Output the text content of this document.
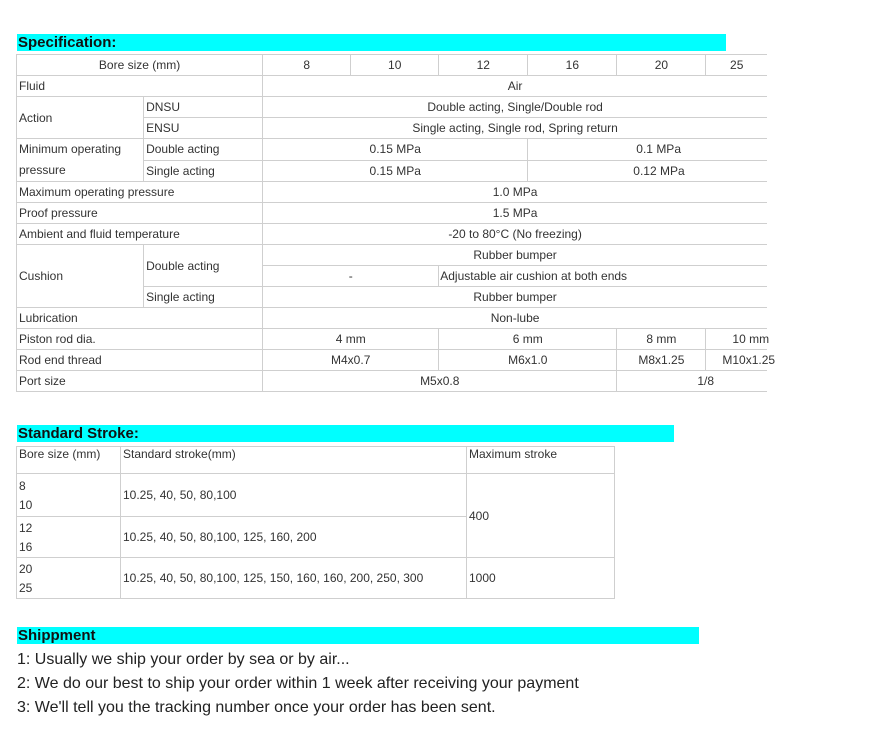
Specification:
Bore size (mm)		8	10	12	16	20	25
Fluid		Air					
Action	DNSU	Double acting, Single/Double rod					
	ENSU	Single acting, Single rod, Spring return					
Minimum operating
pressure	Double acting	0.15 MPa			0.1 MPa		
	Single acting	0.15 MPa			0.12 MPa		
Maximum operating pressure		1.0 MPa					
Proof pressure		1.5 MPa					
Ambient and fluid temperature		-20 to 80°C (No freezing)					
Cushion	Double acting	Rubber bumper					
		-		Adjustable air cushion at both ends			
	Single acting	Rubber bumper					
Lubrication		Non-lube					
Piston rod dia.		4 mm		6 mm		8 mm	10 mm
Rod end thread		M4x0.7		M6x1.0		M8x1.25	M10x1.25
Port size		M5x0.8				1/8	
Standard Stroke:
Bore size (mm)	Standard stroke(mm)	Maximum stroke

8
10	10.25, 40, 50, 80,100	400

12
16	10.25, 40, 50, 80,100, 125, 160, 200	

20
25	10.25, 40, 50, 80,100, 125, 150, 160, 160, 200, 250, 300	1000
Shippment
1: Usually we ship your order by sea or by air...
2: We do our best to ship your order within 1 week after receiving your payment
3: We'll tell you the tracking number once your order has been sent.
